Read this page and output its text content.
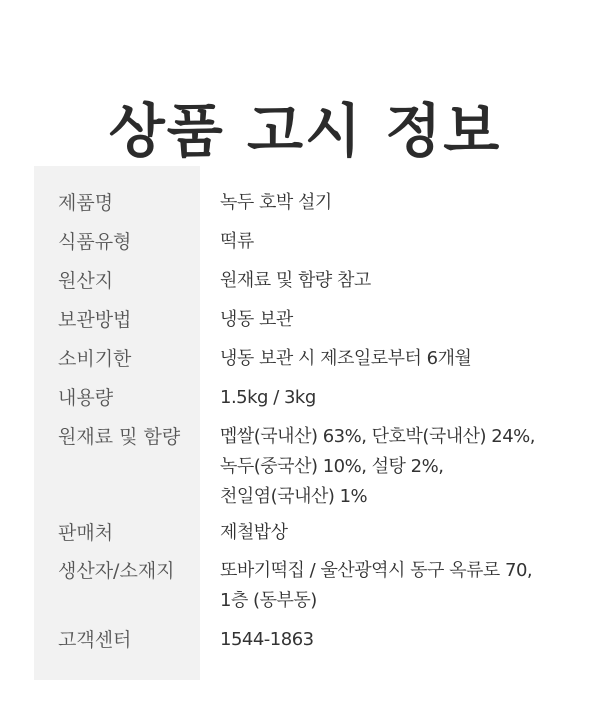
상품 고시 정보
제품명	녹두 호박 설기
식품유형	떡류
원산지	원재료 및 함량 참고
보관방법	냉동 보관
소비기한	냉동 보관 시 제조일로부터 6개월
내용량	1.5kg / 3kg
원재료 및 함량	멥쌀(국내산) 63%, 단호박(국내산) 24%,
녹두(중국산) 10%, 설탕 2%,
천일염(국내산) 1%
판매처	제철밥상
생산자/소재지	또바기떡집 / 울산광역시 동구 옥류로 70,
1층 (동부동)
고객센터	1544-1863
